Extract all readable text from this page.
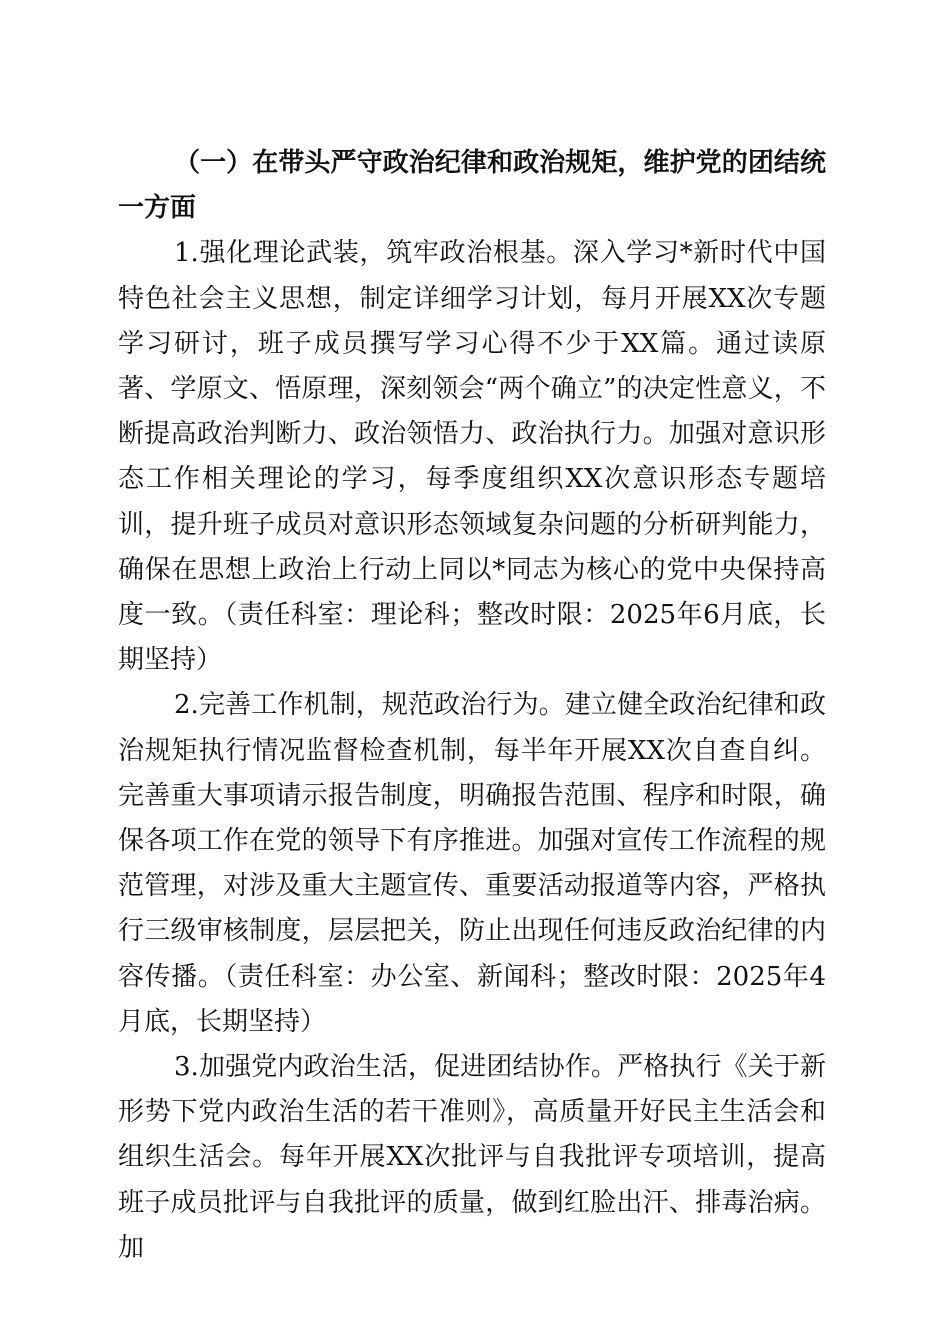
（一）在带头严守政治纪律和政治规矩，维护党的团结统一方面

1.强化理论武装，筑牢政治根基。深入学习*新时代中国特色社会主义思想，制定详细学习计划，每月开展XX次专题学习研讨，班子成员撰写学习心得不少于XX篇。通过读原著、学原文、悟原理，深刻领会“两个确立”的决定性意义，不断提高政治判断力、政治领悟力、政治执行力。加强对意识形态工作相关理论的学习，每季度组织XX次意识形态专题培训，提升班子成员对意识形态领域复杂问题的分析研判能力，确保在思想上政治上行动上同以*同志为核心的党中央保持高度一致。（责任科室：理论科；整改时限：2025年6月底，长期坚持）

2.完善工作机制，规范政治行为。建立健全政治纪律和政治规矩执行情况监督检查机制，每半年开展XX次自查自纠。完善重大事项请示报告制度，明确报告范围、程序和时限，确保各项工作在党的领导下有序推进。加强对宣传工作流程的规范管理，对涉及重大主题宣传、重要活动报道等内容，严格执行三级审核制度，层层把关，防止出现任何违反政治纪律的内容传播。（责任科室：办公室、新闻科；整改时限：2025年4月底，长期坚持）

3.加强党内政治生活，促进团结协作。严格执行《关于新形势下党内政治生活的若干准则》，高质量开好民主生活会和组织生活会。每年开展XX次批评与自我批评专项培训，提高班子成员批评与自我批评的质量，做到红脸出汗、排毒治病。加
